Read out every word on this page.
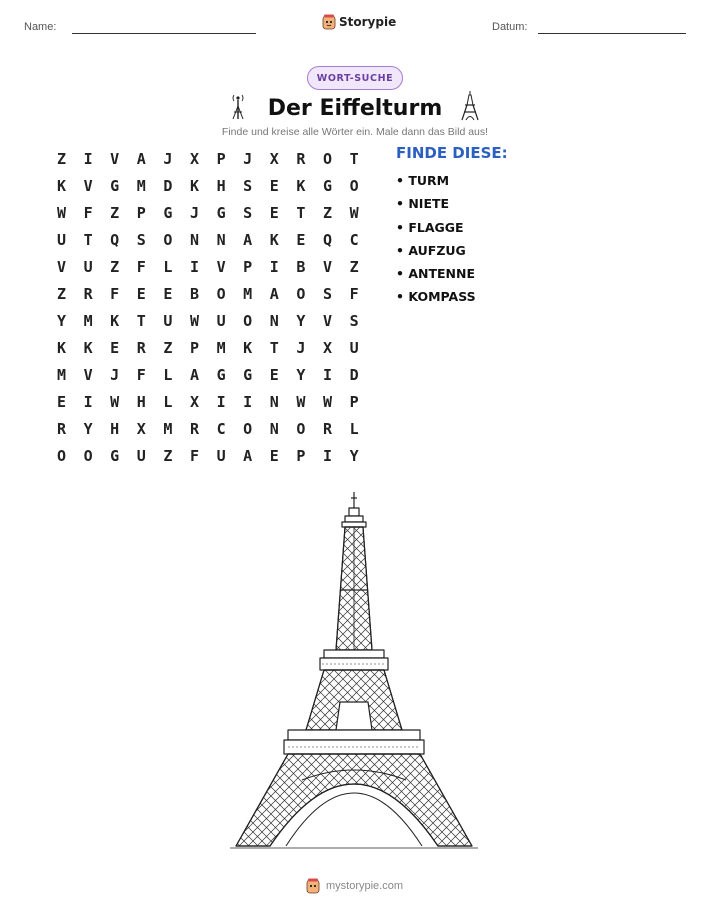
Name:	Storypie	Datum:
WORT-SUCHE
Der Eiffelturm
Finde und kreise alle Wörter ein. Male dann das Bild aus!
Z	I	V	A	J	X	P	J	X	R	O	T
K	V	G	M	D	K	H	S	E	K	G	O
W	F	Z	P	G	J	G	S	E	T	Z	W
U	T	Q	S	O	N	N	A	K	E	Q	C
V	U	Z	F	L	I	V	P	I	B	V	Z
Z	R	F	E	E	B	O	M	A	O	S	F
Y	M	K	T	U	W	U	O	N	Y	V	S
K	K	E	R	Z	P	M	K	T	J	X	U
M	V	J	F	L	A	G	G	E	Y	I	D
E	I	W	H	L	X	I	I	N	W	W	P
R	Y	H	X	M	R	C	O	N	O	R	L
O	O	G	U	Z	F	U	A	E	P	I	Y
FINDE DIESE:
• TURM
• NIETE
• FLAGGE
• AUFZUG
• ANTENNE
• KOMPASS
mystorypie.com
